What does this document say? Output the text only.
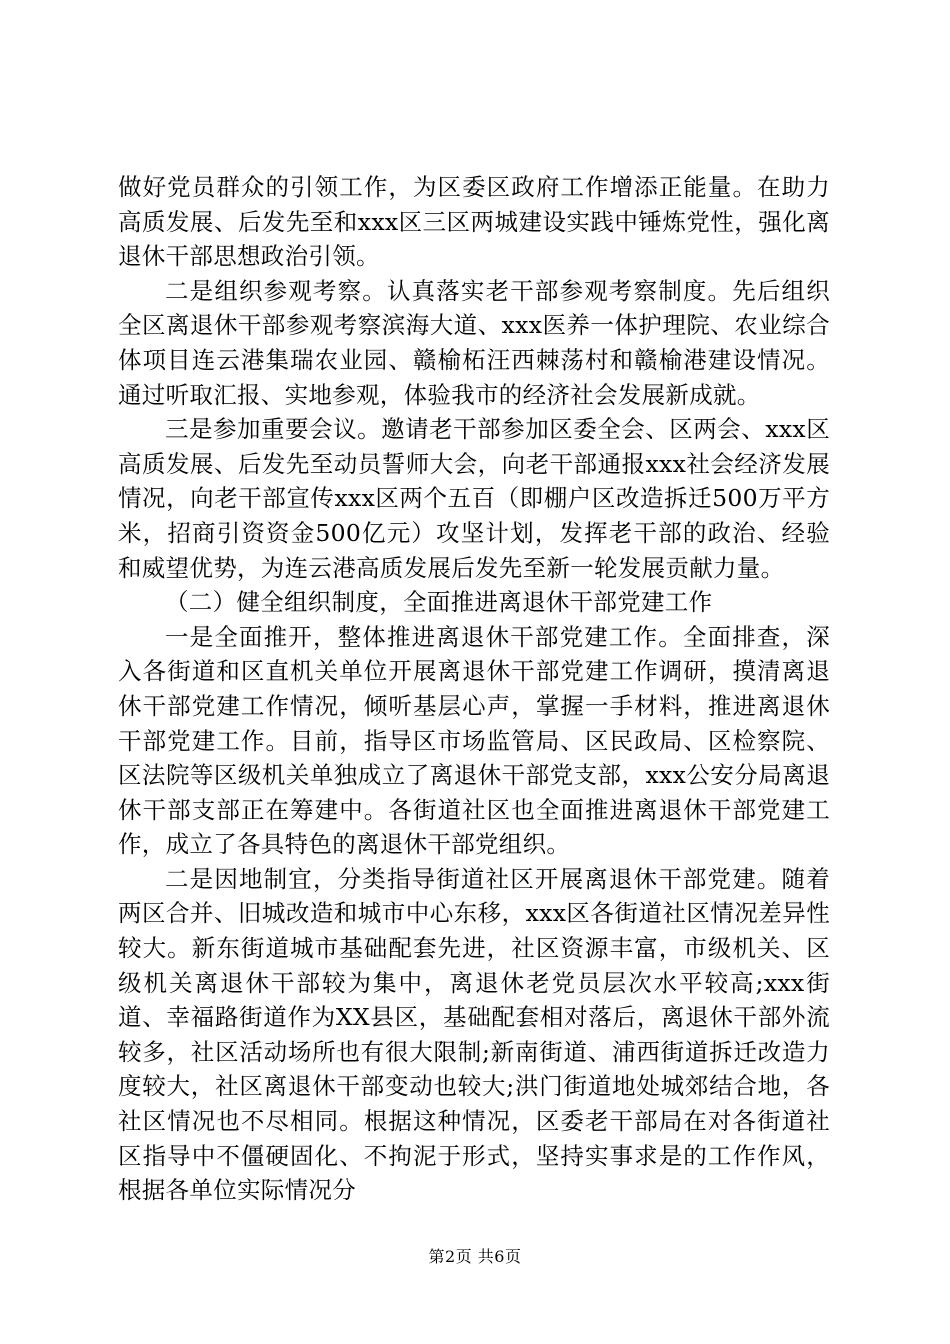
做好党员群众的引领工作，为区委区政府工作增添正能量。在助力高质发展、后发先至和xxx区三区两城建设实践中锤炼党性，强化离退休干部思想政治引领。

二是组织参观考察。认真落实老干部参观考察制度。先后组织全区离退休干部参观考察滨海大道、xxx医养一体护理院、农业综合体项目连云港集瑞农业园、赣榆柘汪西棘荡村和赣榆港建设情况。通过听取汇报、实地参观，体验我市的经济社会发展新成就。

三是参加重要会议。邀请老干部参加区委全会、区两会、xxx区高质发展、后发先至动员誓师大会，向老干部通报xxx社会经济发展情况，向老干部宣传xxx区两个五百（即棚户区改造拆迁500万平方米，招商引资资金500亿元）攻坚计划，发挥老干部的政治、经验和威望优势，为连云港高质发展后发先至新一轮发展贡献力量。

（二）健全组织制度，全面推进离退休干部党建工作

一是全面推开，整体推进离退休干部党建工作。全面排查，深入各街道和区直机关单位开展离退休干部党建工作调研，摸清离退休干部党建工作情况，倾听基层心声，掌握一手材料，推进离退休干部党建工作。目前，指导区市场监管局、区民政局、区检察院、区法院等区级机关单独成立了离退休干部党支部，xxx公安分局离退休干部支部正在筹建中。各街道社区也全面推进离退休干部党建工作，成立了各具特色的离退休干部党组织。

二是因地制宜，分类指导街道社区开展离退休干部党建。随着两区合并、旧城改造和城市中心东移，xxx区各街道社区情况差异性较大。新东街道城市基础配套先进，社区资源丰富，市级机关、区级机关离退休干部较为集中，离退休老党员层次水平较高;xxx街道、幸福路街道作为XX县区，基础配套相对落后，离退休干部外流较多，社区活动场所也有很大限制;新南街道、浦西街道拆迁改造力度较大，社区离退休干部变动也较大;洪门街道地处城郊结合地，各社区情况也不尽相同。根据这种情况，区委老干部局在对各街道社区指导中不僵硬固化、不拘泥于形式，坚持实事求是的工作作风，根据各单位实际情况分

第2页 共6页
